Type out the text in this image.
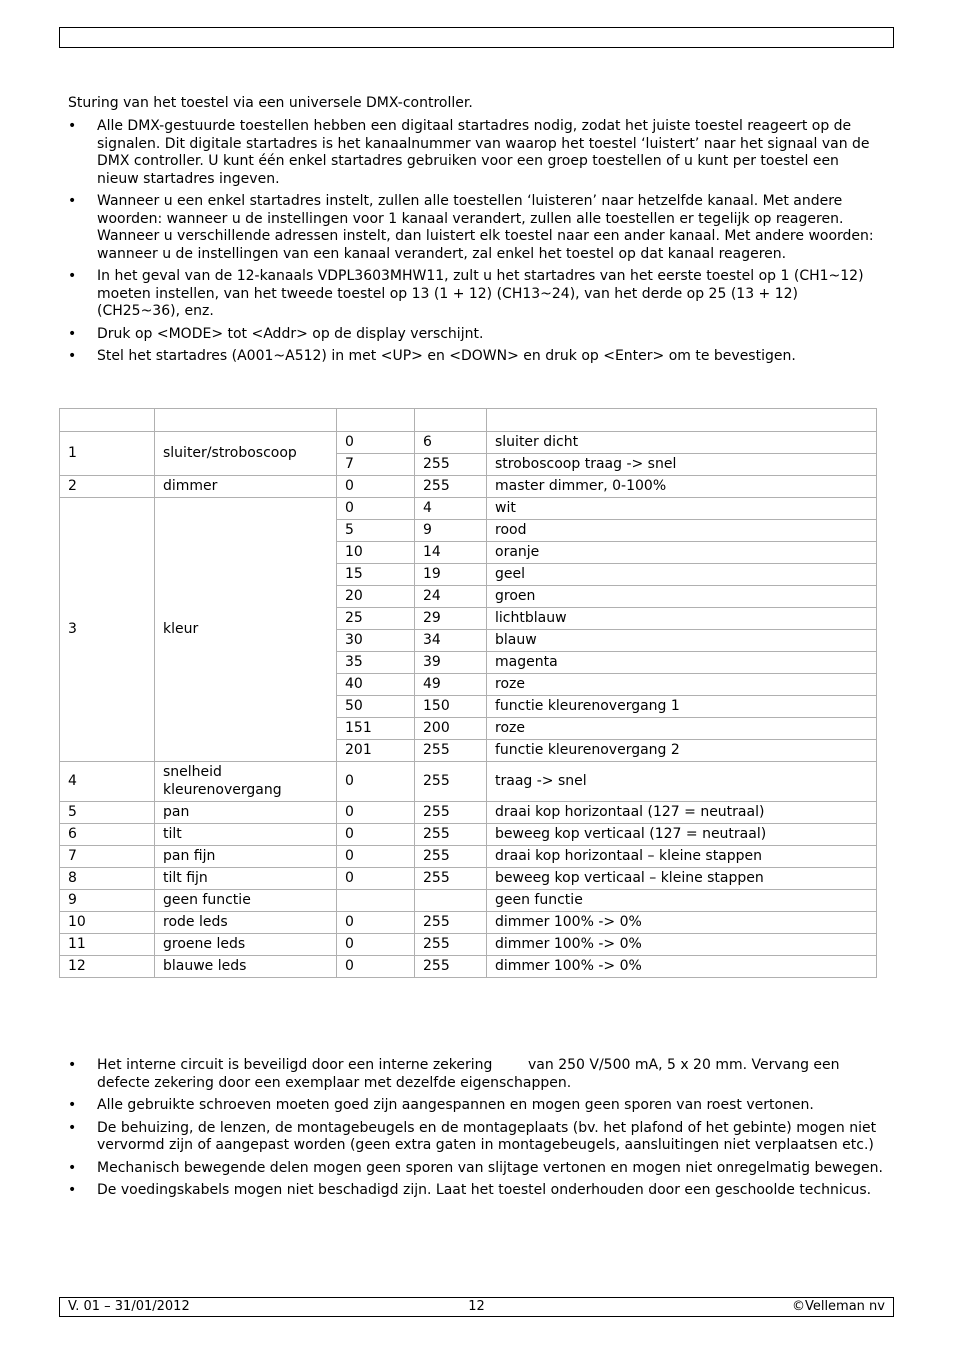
Sturing van het toestel via een universele DMX-controller.

• Alle DMX-gestuurde toestellen hebben een digitaal startadres nodig, zodat het juiste toestel reageert op de signalen. Dit digitale startadres is het kanaalnummer van waarop het toestel ‘luistert’ naar het signaal van de DMX controller. U kunt één enkel startadres gebruiken voor een groep toestellen of u kunt per toestel een nieuw startadres ingeven.
• Wanneer u een enkel startadres instelt, zullen alle toestellen ‘luisteren’ naar hetzelfde kanaal. Met andere woorden: wanneer u de instellingen voor 1 kanaal verandert, zullen alle toestellen er tegelijk op reageren. Wanneer u verschillende adressen instelt, dan luistert elk toestel naar een ander kanaal. Met andere woorden: wanneer u de instellingen van een kanaal verandert, zal enkel het toestel op dat kanaal reageren.
• In het geval van de 12-kanaals VDPL3603MHW11, zult u het startadres van het eerste toestel op 1 (CH1~12) moeten instellen, van het tweede toestel op 13 (1 + 12) (CH13~24), van het derde op 25 (13 + 12) (CH25~36), enz.
• Druk op <MODE> tot <Addr> op de display verschijnt.
• Stel het startadres (A001~A512) in met <UP> en <DOWN> en druk op <Enter> om te bevestigen.

1	sluiter/stroboscoop	0	6	sluiter dicht
		7	255	stroboscoop traag -> snel
2	dimmer	0	255	master dimmer, 0-100%
3	kleur	0	4	wit
		5	9	rood
		10	14	oranje
		15	19	geel
		20	24	groen
		25	29	lichtblauw
		30	34	blauw
		35	39	magenta
		40	49	roze
		50	150	functie kleurenovergang 1
		151	200	roze
		201	255	functie kleurenovergang 2
4	snelheid kleurenovergang	0	255	traag -> snel
5	pan	0	255	draai kop horizontaal (127 = neutraal)
6	tilt	0	255	beweeg kop verticaal (127 = neutraal)
7	pan fijn	0	255	draai kop horizontaal – kleine stappen
8	tilt fijn	0	255	beweeg kop verticaal – kleine stappen
9	geen functie			geen functie
10	rode leds	0	255	dimmer 100% -> 0%
11	groene leds	0	255	dimmer 100% -> 0%
12	blauwe leds	0	255	dimmer 100% -> 0%
• Het interne circuit is beveiligd door een interne zekering        van 250 V/500 mA, 5 x 20 mm. Vervang een defecte zekering door een exemplaar met dezelfde eigenschappen.
• Alle gebruikte schroeven moeten goed zijn aangespannen en mogen geen sporen van roest vertonen.
• De behuizing, de lenzen, de montagebeugels en de montageplaats (bv. het plafond of het gebinte) mogen niet vervormd zijn of aangepast worden (geen extra gaten in montagebeugels, aansluitingen niet verplaatsen etc.)
• Mechanisch bewegende delen mogen geen sporen van slijtage vertonen en mogen niet onregelmatig bewegen.
• De voedingskabels mogen niet beschadigd zijn. Laat het toestel onderhouden door een geschoolde technicus.
V. 01 – 31/01/2012	12	©Velleman nv
